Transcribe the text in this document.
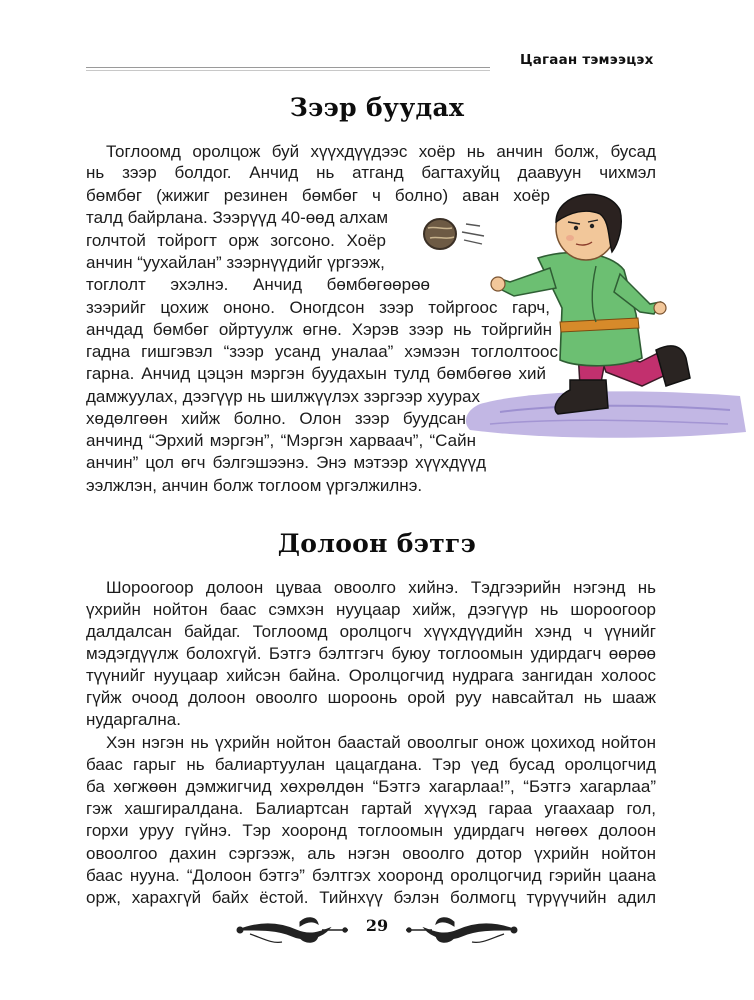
Цагаан тэмээцэх
Зээр буудах
Тоглоомд оролцож буй хүүхдүүдээс хоёр нь анчин болж, бусад
нь зээр болдог. Анчид нь атганд багтахуйц даавуун чихмэл
бөмбөг (жижиг резинен бөмбөг ч болно) аван хоёр
талд байрлана. Зээрүүд 40-өөд алхам
голчтой тойрогт орж зогсоно. Хоёр
анчин “уухайлан” зээрнүүдийг үргээж,
тоглолт эхэлнэ. Анчид бөмбөгөөрөө
зээрийг цохиж ононо. Оногдсон зээр тойргоос гарч,
анчдад бөмбөг ойртуулж өгнө. Хэрэв зээр нь тойргийн
гадна гишгэвэл “зээр усанд уналаа” хэмээн тоглолтоос
гарна. Анчид цэцэн мэргэн буудахын тулд бөмбөгөө хий
дамжуулах, дээгүүр нь шилжүүлэх зэргээр хуурах
хөдөлгөөн хийж болно. Олон зээр буудсан
анчинд “Эрхий мэргэн”, “Мэргэн харваач”, “Сайн
анчин” цол өгч бэлгэшээнэ. Энэ мэтээр хүүхдүүд
ээлжлэн, анчин болж тоглоом үргэлжилнэ.
Долоон бэтгэ
Шороогоор долоон цуваа овоолго хийнэ. Тэдгээрийн нэгэнд нь
үхрийн нойтон баас сэмхэн нууцаар хийж, дээгүүр нь шороогоор
далдалсан байдаг. Тоглоомд оролцогч хүүхдүүдийн хэнд ч үүнийг
мэдэгдүүлж болохгүй. Бэтгэ бэлтгэгч буюу тоглоомын удирдагч өөрөө
түүнийг нууцаар хийсэн байна. Оролцогчид нудрага зангидан холоос
гүйж очоод долоон овоолго шороонь орой руу навсайтал нь шааж
нударгална.
Хэн нэгэн нь үхрийн нойтон баастай овоолгыг онож цохиход нойтон
баас гарыг нь балиартуулан цацагдана. Тэр үед бусад оролцогчид
ба хөгжөөн дэмжигчид хөхрөлдөн “Бэтгэ хагарлаа!”, “Бэтгэ хагарлаа”
гэж хашгиралдана. Балиартсан гартай хүүхэд гараа угаахаар гол,
горхи уруу гүйнэ. Тэр хооронд тоглоомын удирдагч нөгөөх долоон
овоолгоо дахин сэргээж, аль нэгэн овоолго дотор үхрийн нойтон
баас нууна. “Долоон бэтгэ” бэлтгэх хооронд оролцогчид гэрийн цаана
орж, харахгүй байх ёстой. Тийнхүү бэлэн болмогц түрүүчийн адил
29
